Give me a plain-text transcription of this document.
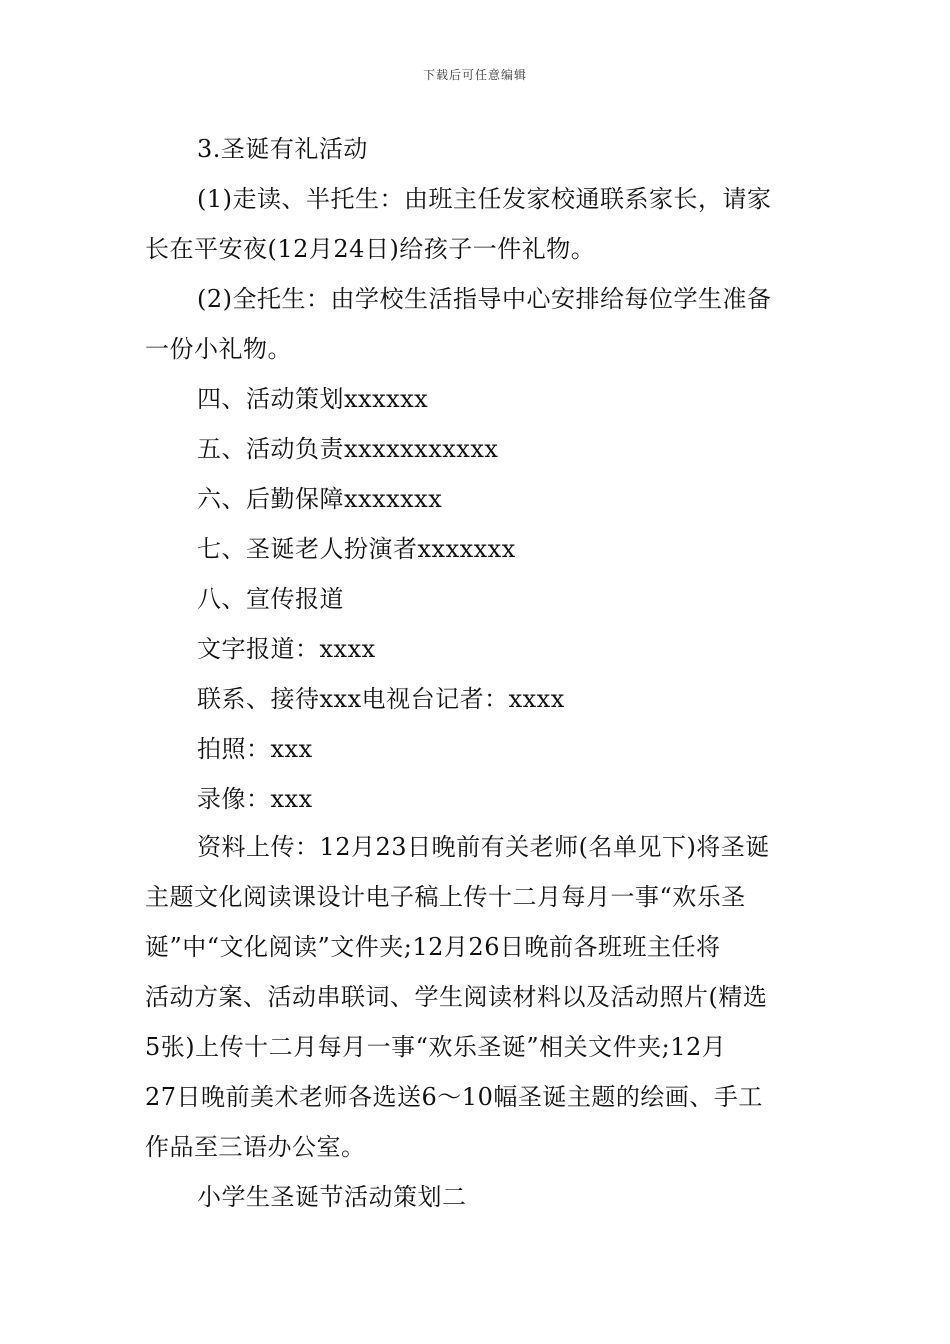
下载后可任意编辑
3.圣诞有礼活动
(1)走读、半托生：由班主任发家校通联系家长，请家
长在平安夜(12月24日)给孩子一件礼物。
(2)全托生：由学校生活指导中心安排给每位学生准备
一份小礼物。
四、活动策划xxxxxx
五、活动负责xxxxxxxxxxx
六、后勤保障xxxxxxx
七、圣诞老人扮演者xxxxxxx
八、宣传报道
文字报道：xxxx
联系、接待xxx电视台记者：xxxx
拍照：xxx
录像：xxx
资料上传：12月23日晚前有关老师(名单见下)将圣诞
主题文化阅读课设计电子稿上传十二月每月一事“欢乐圣
诞”中“文化阅读”文件夹;12月26日晚前各班班主任将
活动方案、活动串联词、学生阅读材料以及活动照片(精选
5张)上传十二月每月一事“欢乐圣诞”相关文件夹;12月
27日晚前美术老师各选送6～10幅圣诞主题的绘画、手工
作品至三语办公室。
小学生圣诞节活动策划二
